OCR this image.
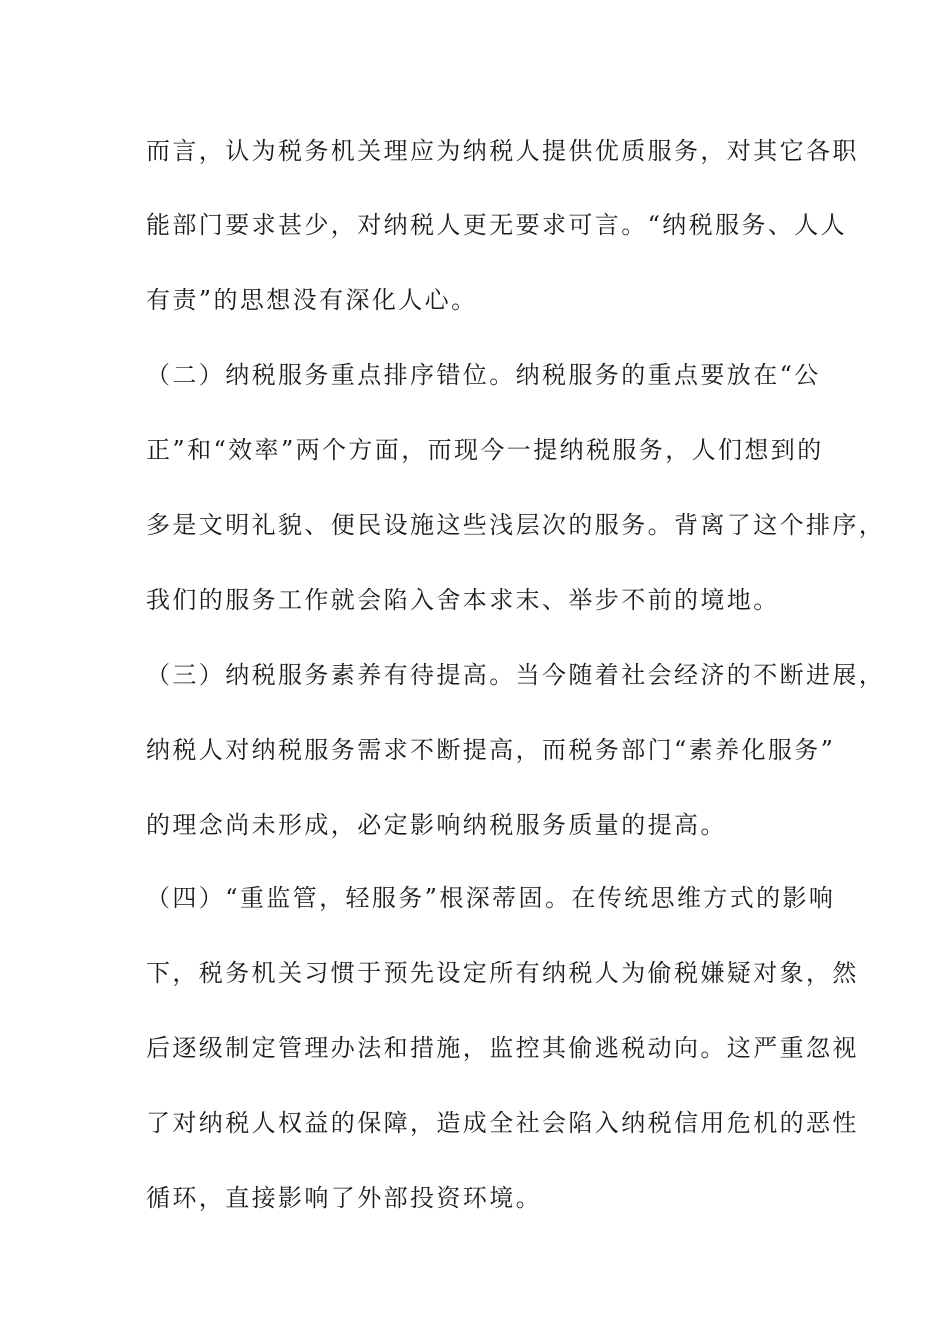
而言，认为税务机关理应为纳税人提供优质服务，对其它各职
能部门要求甚少，对纳税人更无要求可言。“纳税服务、人人
有责”的思想没有深化人心。
（二）纳税服务重点排序错位。纳税服务的重点要放在“公
正”和“效率”两个方面，而现今一提纳税服务，人们想到的
多是文明礼貌、便民设施这些浅层次的服务。背离了这个排序，
我们的服务工作就会陷入舍本求末、举步不前的境地。
（三）纳税服务素养有待提高。当今随着社会经济的不断进展，
纳税人对纳税服务需求不断提高，而税务部门“素养化服务”
的理念尚未形成，必定影响纳税服务质量的提高。
（四）“重监管，轻服务”根深蒂固。在传统思维方式的影响
下，税务机关习惯于预先设定所有纳税人为偷税嫌疑对象，然
后逐级制定管理办法和措施，监控其偷逃税动向。这严重忽视
了对纳税人权益的保障，造成全社会陷入纳税信用危机的恶性
循环，直接影响了外部投资环境。
